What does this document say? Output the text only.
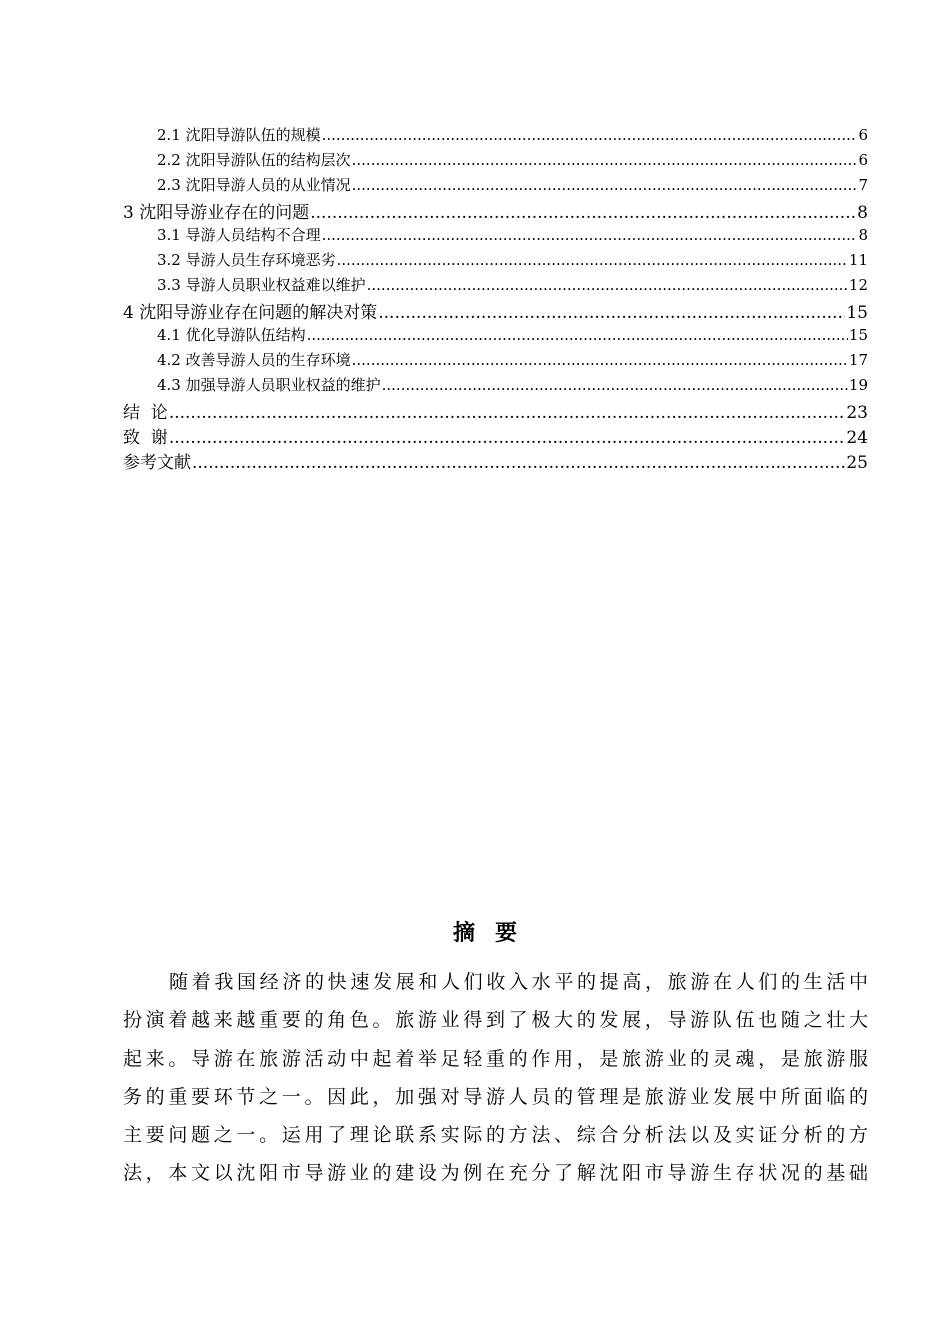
2.1 沈阳导游队伍的规模 .....	6
2.2 沈阳导游队伍的结构层次 .....	6
2.3 沈阳导游人员的从业情况 .....	7
3 沈阳导游业存在的问题 .....	8
3.1 导游人员结构不合理 .....	8
3.2 导游人员生存环境恶劣 .....	11
3.3 导游人员职业权益难以维护 .....	12
4 沈阳导游业存在问题的解决对策 .....	15
4.1 优化导游队伍结构 .....	15
4.2 改善导游人员的生存环境 .....	17
4.3 加强导游人员职业权益的维护 .....	19
结  论 .....	23
致  谢 .....	24
参考文献 .....	25
摘要
随着我国经济的快速发展和人们收入水平的提高，旅游在人们的生活中
扮演着越来越重要的角色。旅游业得到了极大的发展，导游队伍也随之壮大
起来。导游在旅游活动中起着举足轻重的作用，是旅游业的灵魂，是旅游服
务的重要环节之一。因此，加强对导游人员的管理是旅游业发展中所面临的
主要问题之一。运用了理论联系实际的方法、综合分析法以及实证分析的方
法，本文以沈阳市导游业的建设为例在充分了解沈阳市导游生存状况的基础
